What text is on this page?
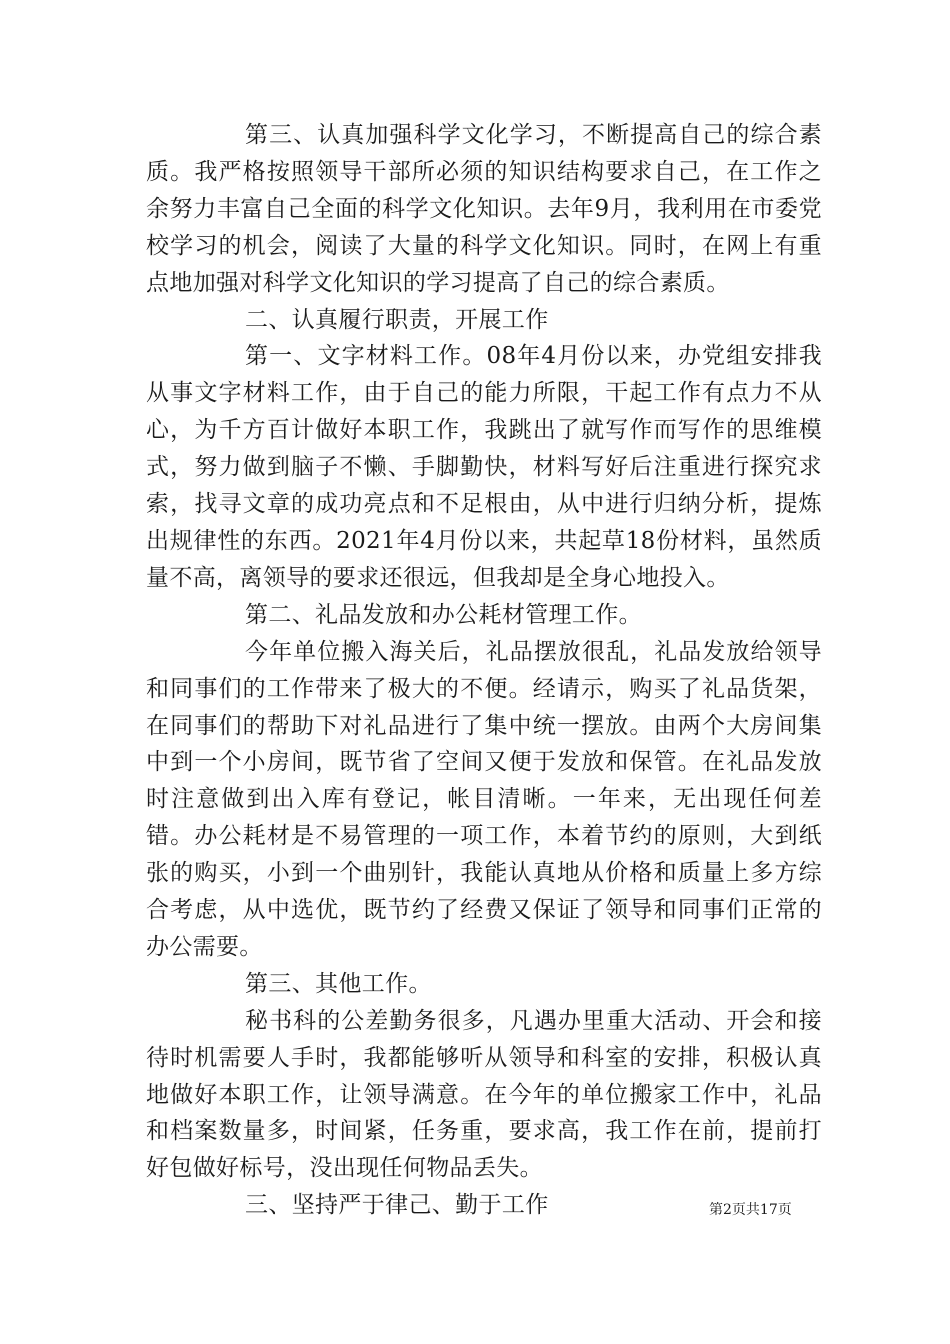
第三、认真加强科学文化学习，不断提高自己的综合素质。我严格按照领导干部所必须的知识结构要求自己，在工作之余努力丰富自己全面的科学文化知识。去年9月，我利用在市委党校学习的机会，阅读了大量的科学文化知识。同时，在网上有重点地加强对科学文化知识的学习提高了自己的综合素质。

二、认真履行职责，开展工作

第一、文字材料工作。08年4月份以来，办党组安排我从事文字材料工作，由于自己的能力所限，干起工作有点力不从心，为千方百计做好本职工作，我跳出了就写作而写作的思维模式，努力做到脑子不懒、手脚勤快，材料写好后注重进行探究求索，找寻文章的成功亮点和不足根由，从中进行归纳分析，提炼出规律性的东西。2021年4月份以来，共起草18份材料，虽然质量不高，离领导的要求还很远，但我却是全身心地投入。

第二、礼品发放和办公耗材管理工作。

今年单位搬入海关后，礼品摆放很乱，礼品发放给领导和同事们的工作带来了极大的不便。经请示，购买了礼品货架，在同事们的帮助下对礼品进行了集中统一摆放。由两个大房间集中到一个小房间，既节省了空间又便于发放和保管。在礼品发放时注意做到出入库有登记，帐目清晰。一年来，无出现任何差错。办公耗材是不易管理的一项工作，本着节约的原则，大到纸张的购买，小到一个曲别针，我能认真地从价格和质量上多方综合考虑，从中选优，既节约了经费又保证了领导和同事们正常的办公需要。

第三、其他工作。

秘书科的公差勤务很多，凡遇办里重大活动、开会和接待时机需要人手时，我都能够听从领导和科室的安排，积极认真地做好本职工作，让领导满意。在今年的单位搬家工作中，礼品和档案数量多，时间紧，任务重，要求高，我工作在前，提前打好包做好标号，没出现任何物品丢失。

三、坚持严于律己、勤于工作	第2页共17页
